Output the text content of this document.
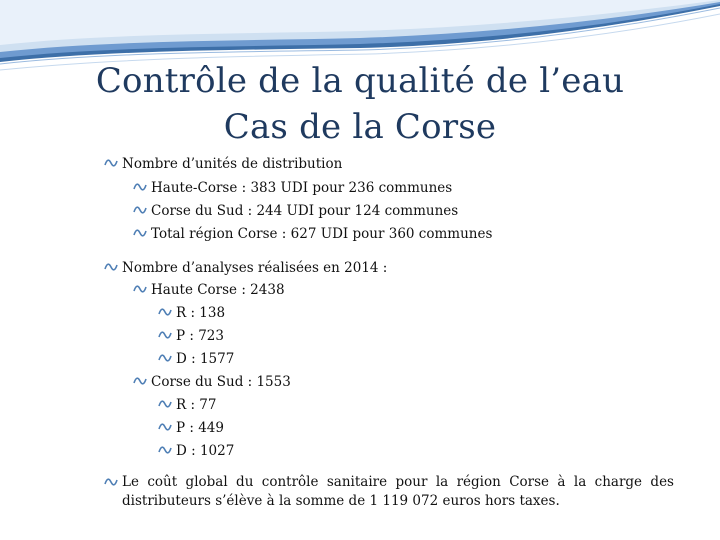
Contrôle de la qualité de l’eau
Cas de la Corse
Nombre d’unités de distribution
Haute-Corse : 383 UDI pour 236 communes
Corse du Sud : 244 UDI pour 124 communes
Total région Corse : 627 UDI pour 360 communes
Nombre d’analyses réalisées en 2014 :
Haute Corse : 2438
R : 138
P : 723
D : 1577
Corse du Sud : 1553
R : 77
P : 449
D : 1027
Le coût global du contrôle sanitaire pour la région Corse à la charge des distributeurs s’élève à la somme de 1 119 072 euros hors taxes.
